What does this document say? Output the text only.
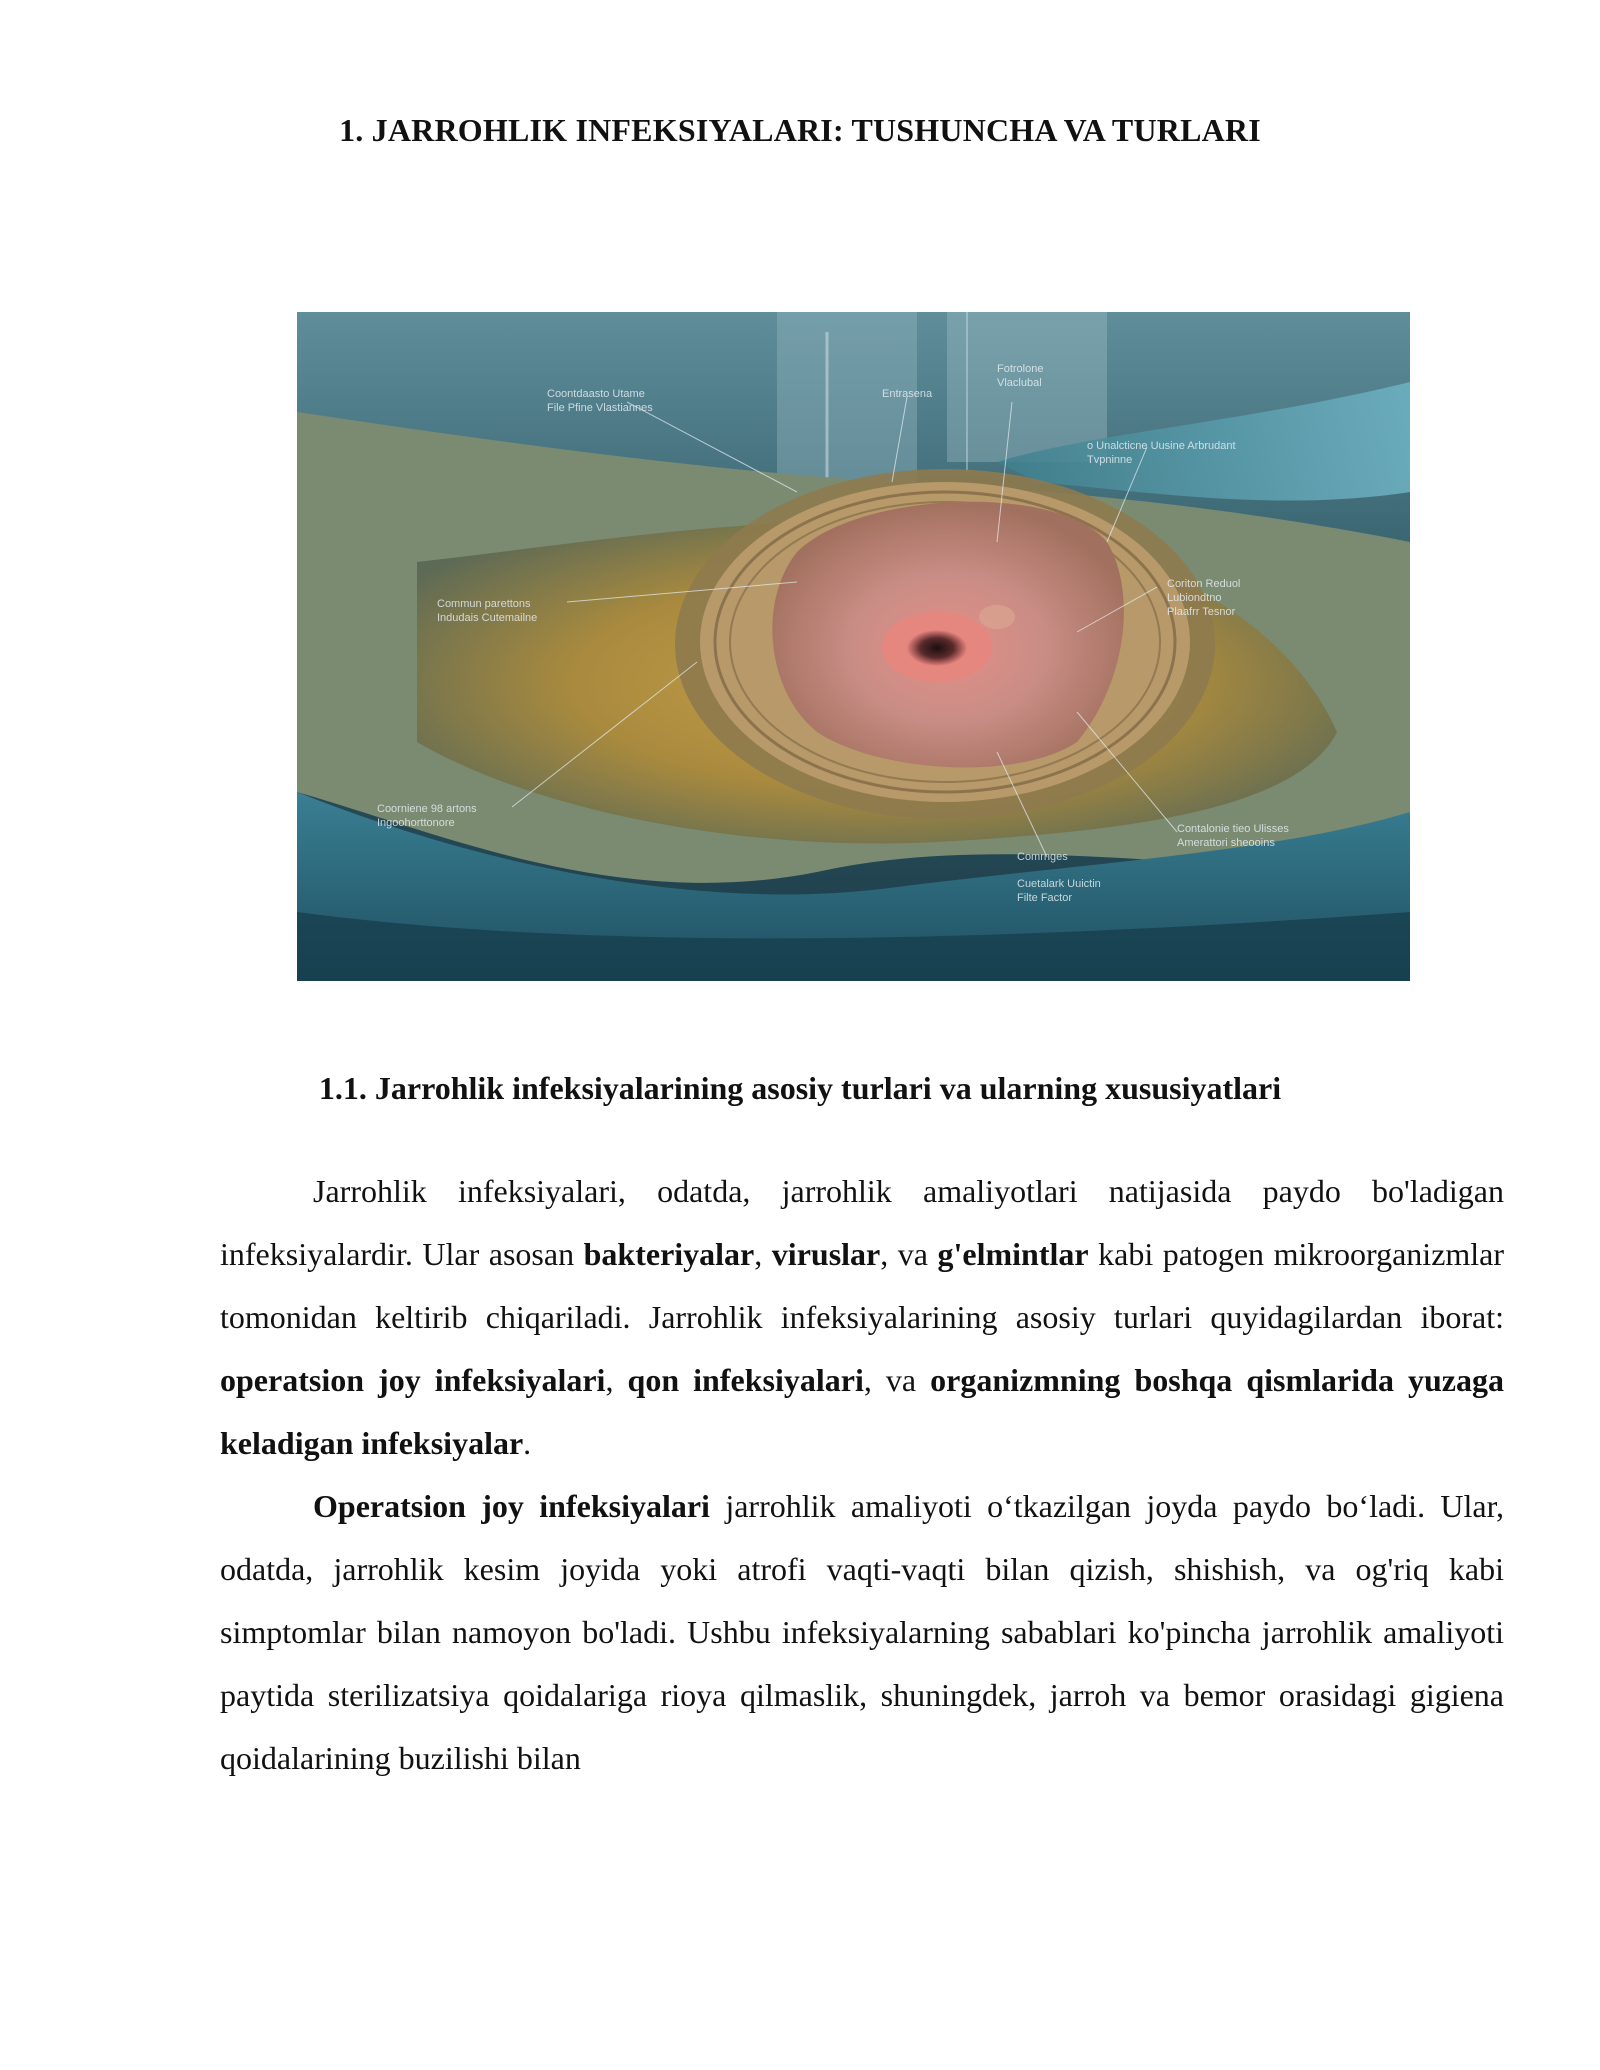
1. JARROHLIK INFEKSIYALARI: TUSHUNCHA VA TURLARI
Coontdaasto Utame File Pfine Vlastiannes
Entrasena
Fotrolone Vlaclubal
o Unalcticne Uusine Arbrudant Tvpninne
Coriton Reduol Lubiondtno Plaafrr Tesnor
Commun parettons Indudais Cutemailne
Coorniene 98 artons Ingoohorttonore	Contalonie tieo Ulisses Amerattori sheooins
Comrnges
Cuetalark Uuictin Filte Factor
1.1. Jarrohlik infeksiyalarining asosiy turlari va ularning xususiyatlari

Jarrohlik infeksiyalari, odatda, jarrohlik amaliyotlari natijasida paydo bo'ladigan infeksiyalardir. Ular asosan bakteriyalar, viruslar, va g'elmintlar kabi patogen mikroorganizmlar tomonidan keltirib chiqariladi. Jarrohlik infeksiyalarining asosiy turlari quyidagilardan iborat: operatsion joy infeksiyalari, qon infeksiyalari, va organizmning boshqa qismlarida yuzaga keladigan infeksiyalar.

Operatsion joy infeksiyalari jarrohlik amaliyoti o‘tkazilgan joyda paydo bo‘ladi. Ular, odatda, jarrohlik kesim joyida yoki atrofi vaqti-vaqti bilan qizish, shishish, va og'riq kabi simptomlar bilan namoyon bo'ladi. Ushbu infeksiyalarning sabablari ko'pincha jarrohlik amaliyoti paytida sterilizatsiya qoidalariga rioya qilmaslik, shuningdek, jarroh va bemor orasidagi gigiena qoidalarining buzilishi bilan
